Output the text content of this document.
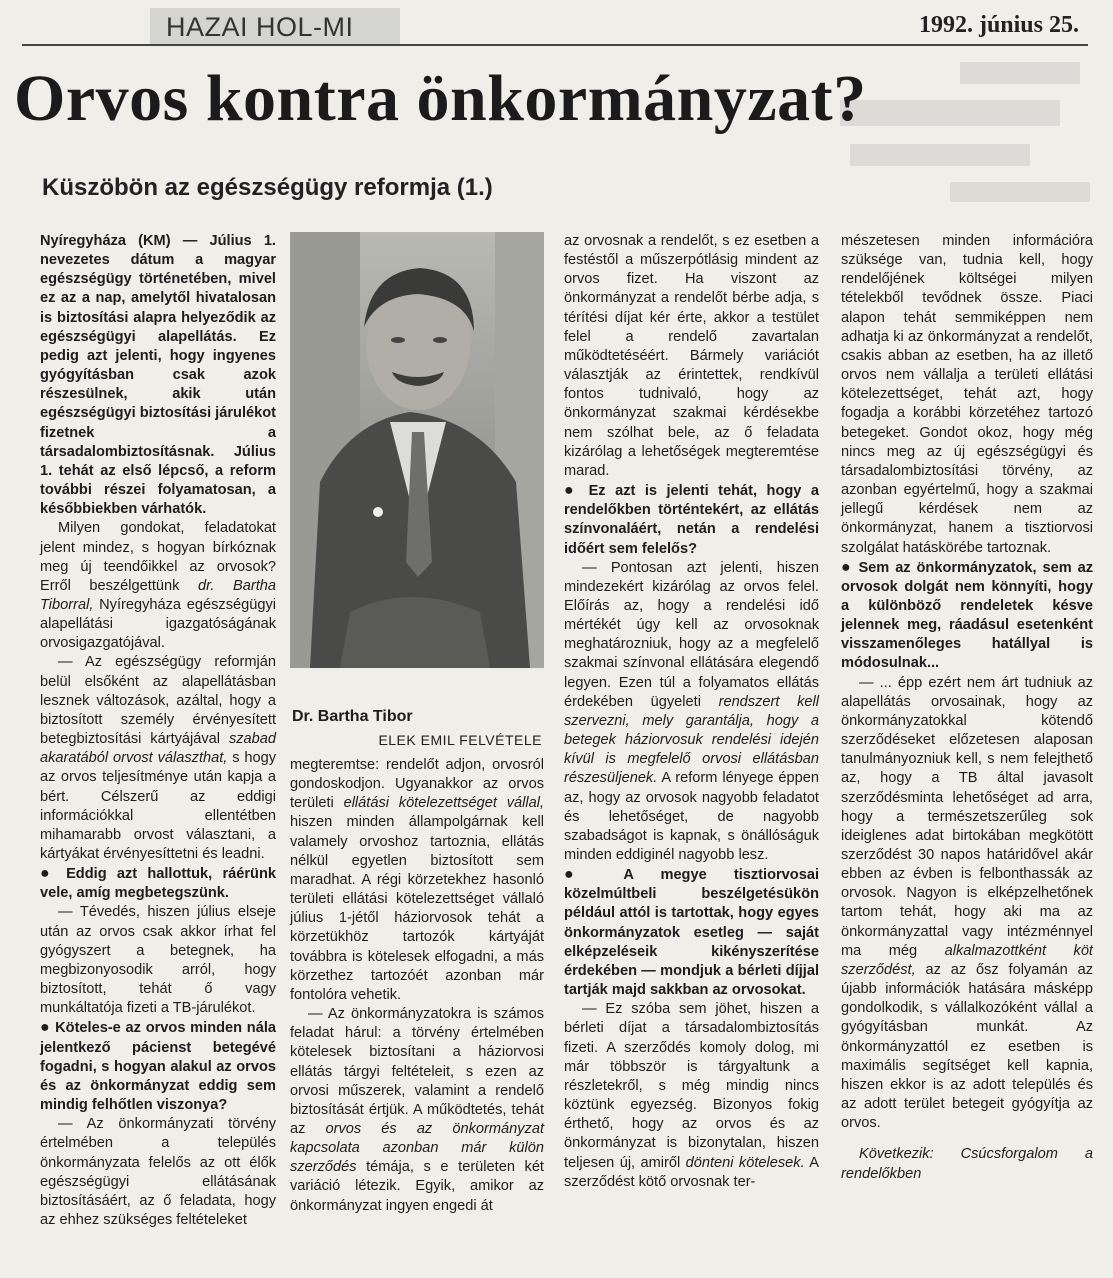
HAZAI HOL-MI	1992. június 25.
Orvos kontra önkormányzat?
Küszöbön az egészségügy reformja (1.)

Nyíregyháza (KM) — Július 1. nevezetes dátum a magyar egészségügy történetében, mivel ez az a nap, amelytől hivatalosan is biztosítási alapra helyeződik az egészségügyi alapellátás. Ez pedig azt jelenti, hogy ingyenes gyógyításban csak azok részesülnek, akik után egészségügyi biztosítási járulékot fizetnek a társadalombiztosításnak. Július 1. tehát az első lépcső, a reform további részei folyamatosan, a későbbiekben várhatók.

Milyen gondokat, feladatokat jelent mindez, s hogyan bírkóznak meg új teendőikkel az orvosok? Erről beszélgettünk dr. Bartha Tiborral, Nyíregyháza egészségügyi alapellátási igazgatóságának orvosigazgatójával.

— Az egészségügy reformján belül elsőként az alapellátásban lesznek változások, azáltal, hogy a biztosított személy érvényesített betegbiztosítási kártyájával szabad akaratából orvost választhat, s hogy az orvos teljesítménye után kapja a bért. Célszerű az eddigi információkkal ellentétben mihamarabb orvost választani, a kártyákat érvényesíttetni és leadni.

● Eddig azt hallottuk, ráérünk vele, amíg megbetegszünk.

— Tévedés, hiszen július elseje után az orvos csak akkor írhat fel gyógyszert a betegnek, ha megbizonyosodik arról, hogy biztosított, tehát ő vagy munkáltatója fizeti a TB-járulékot.

● Köteles-e az orvos minden nála jelentkező pácienst betegévé fogadni, s hogyan alakul az orvos és az önkormányzat eddig sem mindig felhőtlen viszonya?

— Az önkormányzati törvény értelmében a település önkormányzata felelős az ott élők egészségügyi ellátásának biztosításáért, az ő feladata, hogy az ehhez szükséges feltételeket

Dr. Bartha Tibor
ELEK EMIL FELVÉTELE

megteremtse: rendelőt adjon, orvosról gondoskodjon. Ugyanakkor az orvos területi ellátási kötelezettséget vállal, hiszen minden állampolgárnak kell valamely orvoshoz tartoznia, ellátás nélkül egyetlen biztosított sem maradhat. A régi körzetekhez hasonló területi ellátási kötelezettséget vállaló július 1-jétől háziorvosok tehát a körzetükhöz tartozók kártyáját továbbra is kötelesek elfogadni, a más körzethez tartozóét azonban már fontolóra vehetik.

— Az önkormányzatokra is számos feladat hárul: a törvény értelmében kötelesek biztosítani a háziorvosi ellátás tárgyi feltételeit, s ezen az orvosi műszerek, valamint a rendelő biztosítását értjük. A működtetés, tehát az orvos és az önkormányzat kapcsolata azonban már külön szerződés témája, s e területen két variáció létezik. Egyik, amikor az önkormányzat ingyen engedi át

az orvosnak a rendelőt, s ez esetben a festéstől a műszerpótlásig mindent az orvos fizet. Ha viszont az önkormányzat a rendelőt bérbe adja, s térítési díjat kér érte, akkor a testület felel a rendelő zavartalan működtetéséért. Bármely variációt választják az érintettek, rendkívül fontos tudnivaló, hogy az önkormányzat szakmai kérdésekbe nem szólhat bele, az ő feladata kizárólag a lehetőségek megteremtése marad.

● Ez azt is jelenti tehát, hogy a rendelőkben történtekért, az ellátás színvonaláért, netán a rendelési időért sem felelős?

— Pontosan azt jelenti, hiszen mindezekért kizárólag az orvos felel. Előírás az, hogy a rendelési idő mértékét úgy kell az orvosoknak meghatározniuk, hogy az a megfelelő szakmai színvonal ellátására elegendő legyen. Ezen túl a folyamatos ellátás érdekében ügyeleti rendszert kell szervezni, mely garantálja, hogy a betegek háziorvosuk rendelési idején kívül is megfelelő orvosi ellátásban részesüljenek. A reform lényege éppen az, hogy az orvosok nagyobb feladatot és lehetőséget, de nagyobb szabadságot is kapnak, s önállóságuk minden eddiginél nagyobb lesz.

● A megye tisztiorvosai közelmúltbeli beszélgetésükön például attól is tartottak, hogy egyes önkormányzatok esetleg — saját elképzeléseik kikényszerítése érdekében — mondjuk a bérleti díjjal tartják majd sakkban az orvosokat.

— Ez szóba sem jöhet, hiszen a bérleti díjat a társadalombiztosítás fizeti. A szerződés komoly dolog, mi már többször is tárgyaltunk a részletekről, s még mindig nincs köztünk egyezség. Bizonyos fokig érthető, hogy az orvos és az önkormányzat is bizonytalan, hiszen teljesen új, amiről dönteni kötelesek. A szerződést kötő orvosnak ter-

mészetesen minden információra szüksége van, tudnia kell, hogy rendelőjének költségei milyen tételekből tevődnek össze. Piaci alapon tehát semmiképpen nem adhatja ki az önkormányzat a rendelőt, csakis abban az esetben, ha az illető orvos nem vállalja a területi ellátási kötelezettséget, tehát azt, hogy fogadja a korábbi körzetéhez tartozó betegeket. Gondot okoz, hogy még nincs meg az új egészségügyi és társadalombiztosítási törvény, az azonban egyértelmű, hogy a szakmai jellegű kérdések nem az önkormányzat, hanem a tisztiorvosi szolgálat hatáskörébe tartoznak.

● Sem az önkormányzatok, sem az orvosok dolgát nem könnyíti, hogy a különböző rendeletek késve jelennek meg, ráadásul esetenként visszamenőleges hatállyal is módosulnak...

— ... épp ezért nem árt tudniuk az alapellátás orvosainak, hogy az önkormányzatokkal kötendő szerződéseket előzetesen alaposan tanulmányozniuk kell, s nem felejthető az, hogy a TB által javasolt szerződésminta lehetőséget ad arra, hogy a természetszerűleg sok ideiglenes adat birtokában megkötött szerződést 30 napos határidővel akár ebben az évben is felbonthassák az orvosok. Nagyon is elképzelhetőnek tartom tehát, hogy aki ma az önkormányzattal vagy intézménnyel ma még alkalmazottként köt szerződést, az az ősz folyamán az újabb információk hatására másképp gondolkodik, s vállalkozóként vállal a gyógyításban munkát. Az önkormányzattól ez esetben is maximális segítséget kell kapnia, hiszen ekkor is az adott település és az adott terület betegeit gyógyítja az orvos.

Következik: Csúcsforgalom a rendelőkben
